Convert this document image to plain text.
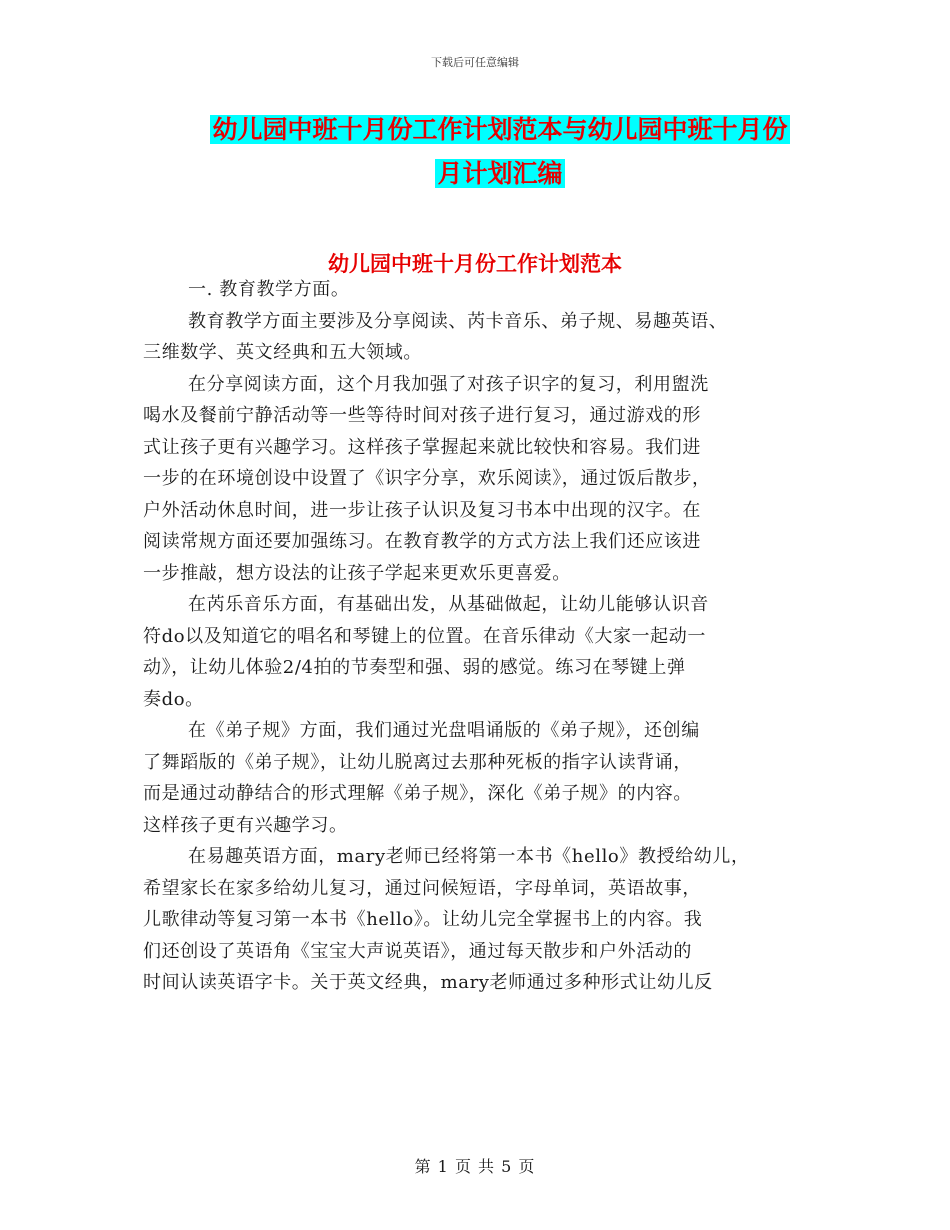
下载后可任意编辑
幼儿园中班十月份工作计划范本与幼儿园中班十月份
月计划汇编
幼儿园中班十月份工作计划范本
一. 教育教学方面。
教育教学方面主要涉及分享阅读、芮卡音乐、弟子规、易趣英语、
三维数学、英文经典和五大领域。
在分享阅读方面，这个月我加强了对孩子识字的复习，利用盥洗
喝水及餐前宁静活动等一些等待时间对孩子进行复习，通过游戏的形
式让孩子更有兴趣学习。这样孩子掌握起来就比较快和容易。我们进
一步的在环境创设中设置了《识字分享，欢乐阅读》，通过饭后散步，
户外活动休息时间，进一步让孩子认识及复习书本中出现的汉字。在
阅读常规方面还要加强练习。在教育教学的方式方法上我们还应该进
一步推敲，想方设法的让孩子学起来更欢乐更喜爱。
在芮乐音乐方面，有基础出发，从基础做起，让幼儿能够认识音
符do以及知道它的唱名和琴键上的位置。在音乐律动《大家一起动一
动》，让幼儿体验2/4拍的节奏型和强、弱的感觉。练习在琴键上弹
奏do。
在《弟子规》方面，我们通过光盘唱诵版的《弟子规》，还创编
了舞蹈版的《弟子规》，让幼儿脱离过去那种死板的指字认读背诵，
而是通过动静结合的形式理解《弟子规》，深化《弟子规》的内容。
这样孩子更有兴趣学习。
在易趣英语方面，mary老师已经将第一本书《hello》教授给幼儿，
希望家长在家多给幼儿复习，通过问候短语，字母单词，英语故事，
儿歌律动等复习第一本书《hello》。让幼儿完全掌握书上的内容。我
们还创设了英语角《宝宝大声说英语》，通过每天散步和户外活动的
时间认读英语字卡。关于英文经典，mary老师通过多种形式让幼儿反
第 1 页 共 5 页
